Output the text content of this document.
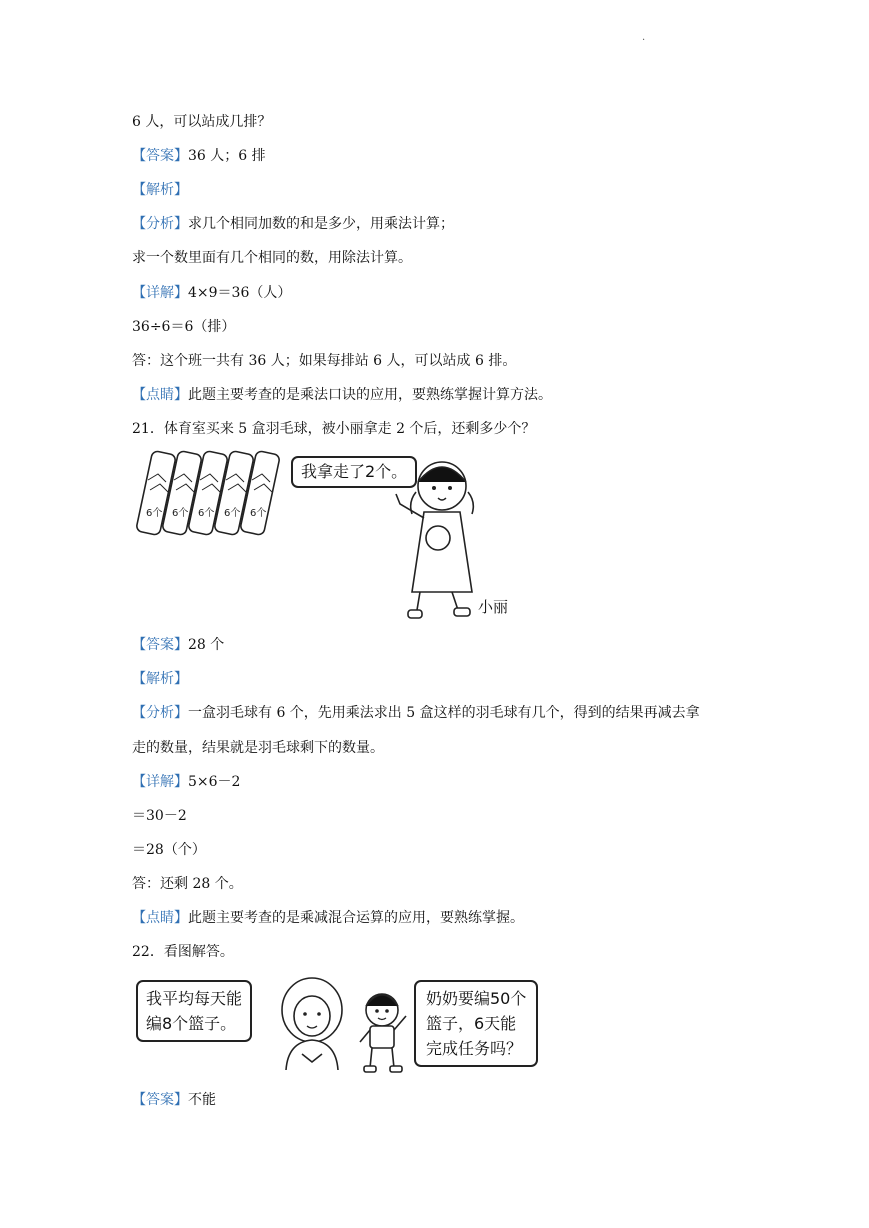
.
6 人，可以站成几排？
【答案】36 人；6 排
【解析】
【分析】求几个相同加数的和是多少，用乘法计算；
求一个数里面有几个相同的数，用除法计算。
【详解】4×9＝36（人）
36÷6＝6（排）
答：这个班一共有 36 人；如果每排站 6 人，可以站成 6 排。
【点睛】此题主要考查的是乘法口诀的应用，要熟练掌握计算方法。
21．体育室买来 5 盒羽毛球，被小丽拿走 2 个后，还剩多少个？
6个 6个 6个 6个 6个
我拿走了2个。
小丽
【答案】28 个
【解析】
【分析】一盒羽毛球有 6 个，先用乘法求出 5 盒这样的羽毛球有几个，得到的结果再减去拿
走的数量，结果就是羽毛球剩下的数量。
【详解】5×6－2
＝30－2
＝28（个）
答：还剩 28 个。
【点睛】此题主要考查的是乘减混合运算的应用，要熟练掌握。
22．看图解答。
我平均每天能
编8个篮子。
奶奶要编50个
篮子，6天能
完成任务吗？
【答案】不能
